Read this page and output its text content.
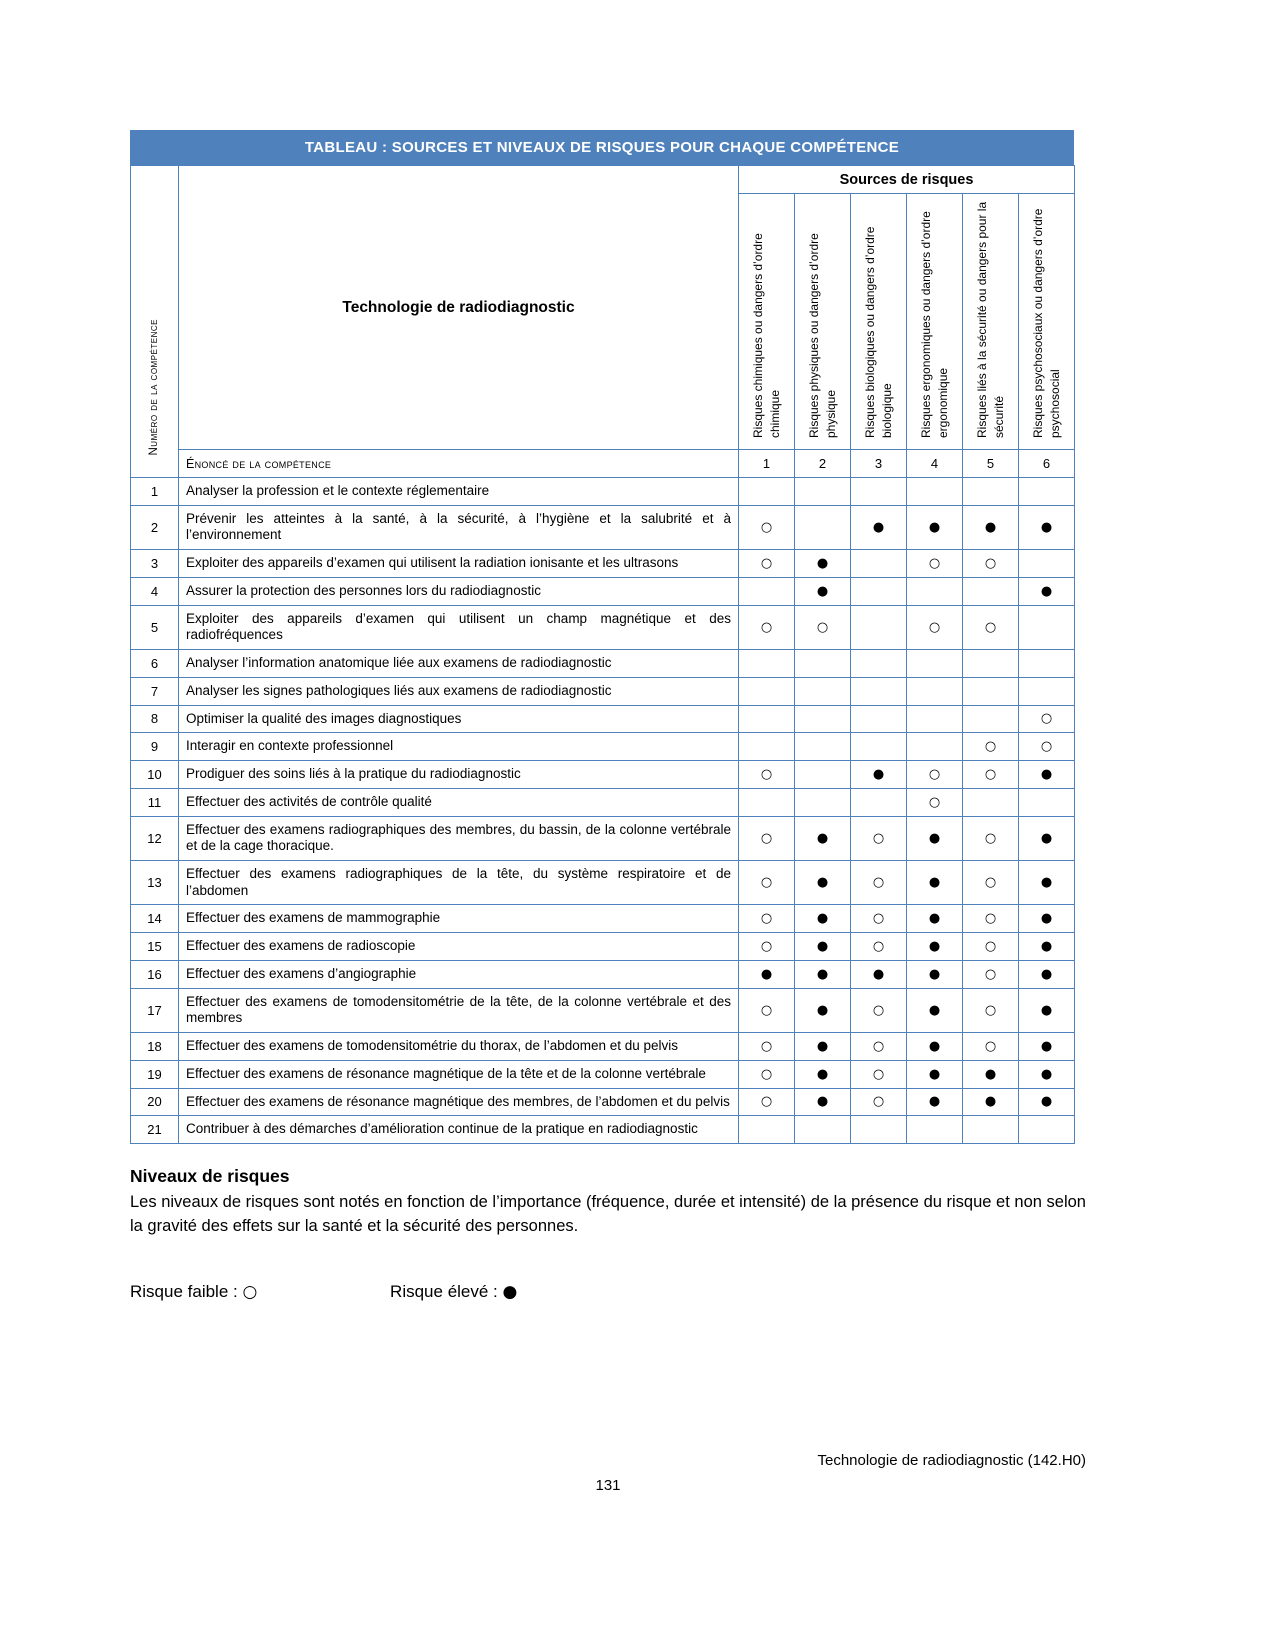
TABLEAU : SOURCES ET NIVEAUX DE RISQUES POUR CHAQUE COMPÉTENCE
Numéro de la compétence	Technologie de radiodiagnostic	Sources de risques					
		Risques chimiques ou dangers d’ordre chimique	Risques physiques ou dangers d’ordre physique	Risques biologiques ou dangers d’ordre biologique	Risques ergonomiques ou dangers d’ordre ergonomique	Risques liés à la sécurité ou dangers pour la sécurité	Risques psychosociaux ou dangers d’ordre psychosocial
	Énoncé de la compétence	1	2	3	4	5	6
1	Analyser la profession et le contexte réglementaire						
2	Prévenir les atteintes à la santé, à la sécurité, à l’hygiène et la salubrité et à l’environnement	○		●	●	●	●
3	Exploiter des appareils d’examen qui utilisent la radiation ionisante et les ultrasons	○	●		○	○	
4	Assurer la protection des personnes lors du radiodiagnostic		●				●
5	Exploiter des appareils d’examen qui utilisent un champ magnétique et des radiofréquences	○	○		○	○	
6	Analyser l’information anatomique liée aux examens de radiodiagnostic						
7	Analyser les signes pathologiques liés aux examens de radiodiagnostic						
8	Optimiser la qualité des images diagnostiques						○
9	Interagir en contexte professionnel					○	○
10	Prodiguer des soins liés à la pratique du radiodiagnostic	○		●	○	○	●
11	Effectuer des activités de contrôle qualité				○		
12	Effectuer des examens radiographiques des membres, du bassin, de la colonne vertébrale et de la cage thoracique.	○	●	○	●	○	●
13	Effectuer des examens radiographiques de la tête, du système respiratoire et de l’abdomen	○	●	○	●	○	●
14	Effectuer des examens de mammographie	○	●	○	●	○	●
15	Effectuer des examens de radioscopie	○	●	○	●	○	●
16	Effectuer des examens d’angiographie	●	●	●	●	○	●
17	Effectuer des examens de tomodensitométrie de la tête, de la colonne vertébrale et des membres	○	●	○	●	○	●
18	Effectuer des examens de tomodensitométrie du thorax, de l’abdomen et du pelvis	○	●	○	●	○	●
19	Effectuer des examens de résonance magnétique de la tête et de la colonne vertébrale	○	●	○	●	●	●
20	Effectuer des examens de résonance magnétique des membres, de l’abdomen et du pelvis	○	●	○	●	●	●
21	Contribuer à des démarches d’amélioration continue de la pratique en radiodiagnostic						
Niveaux de risques

Les niveaux de risques sont notés en fonction de l’importance (fréquence, durée et intensité) de la présence du risque et non selon la gravité des effets sur la santé et la sécurité des personnes.

Risque faible : ○	Risque élevé : ●

Technologie de radiodiagnostic (142.H0)
131
